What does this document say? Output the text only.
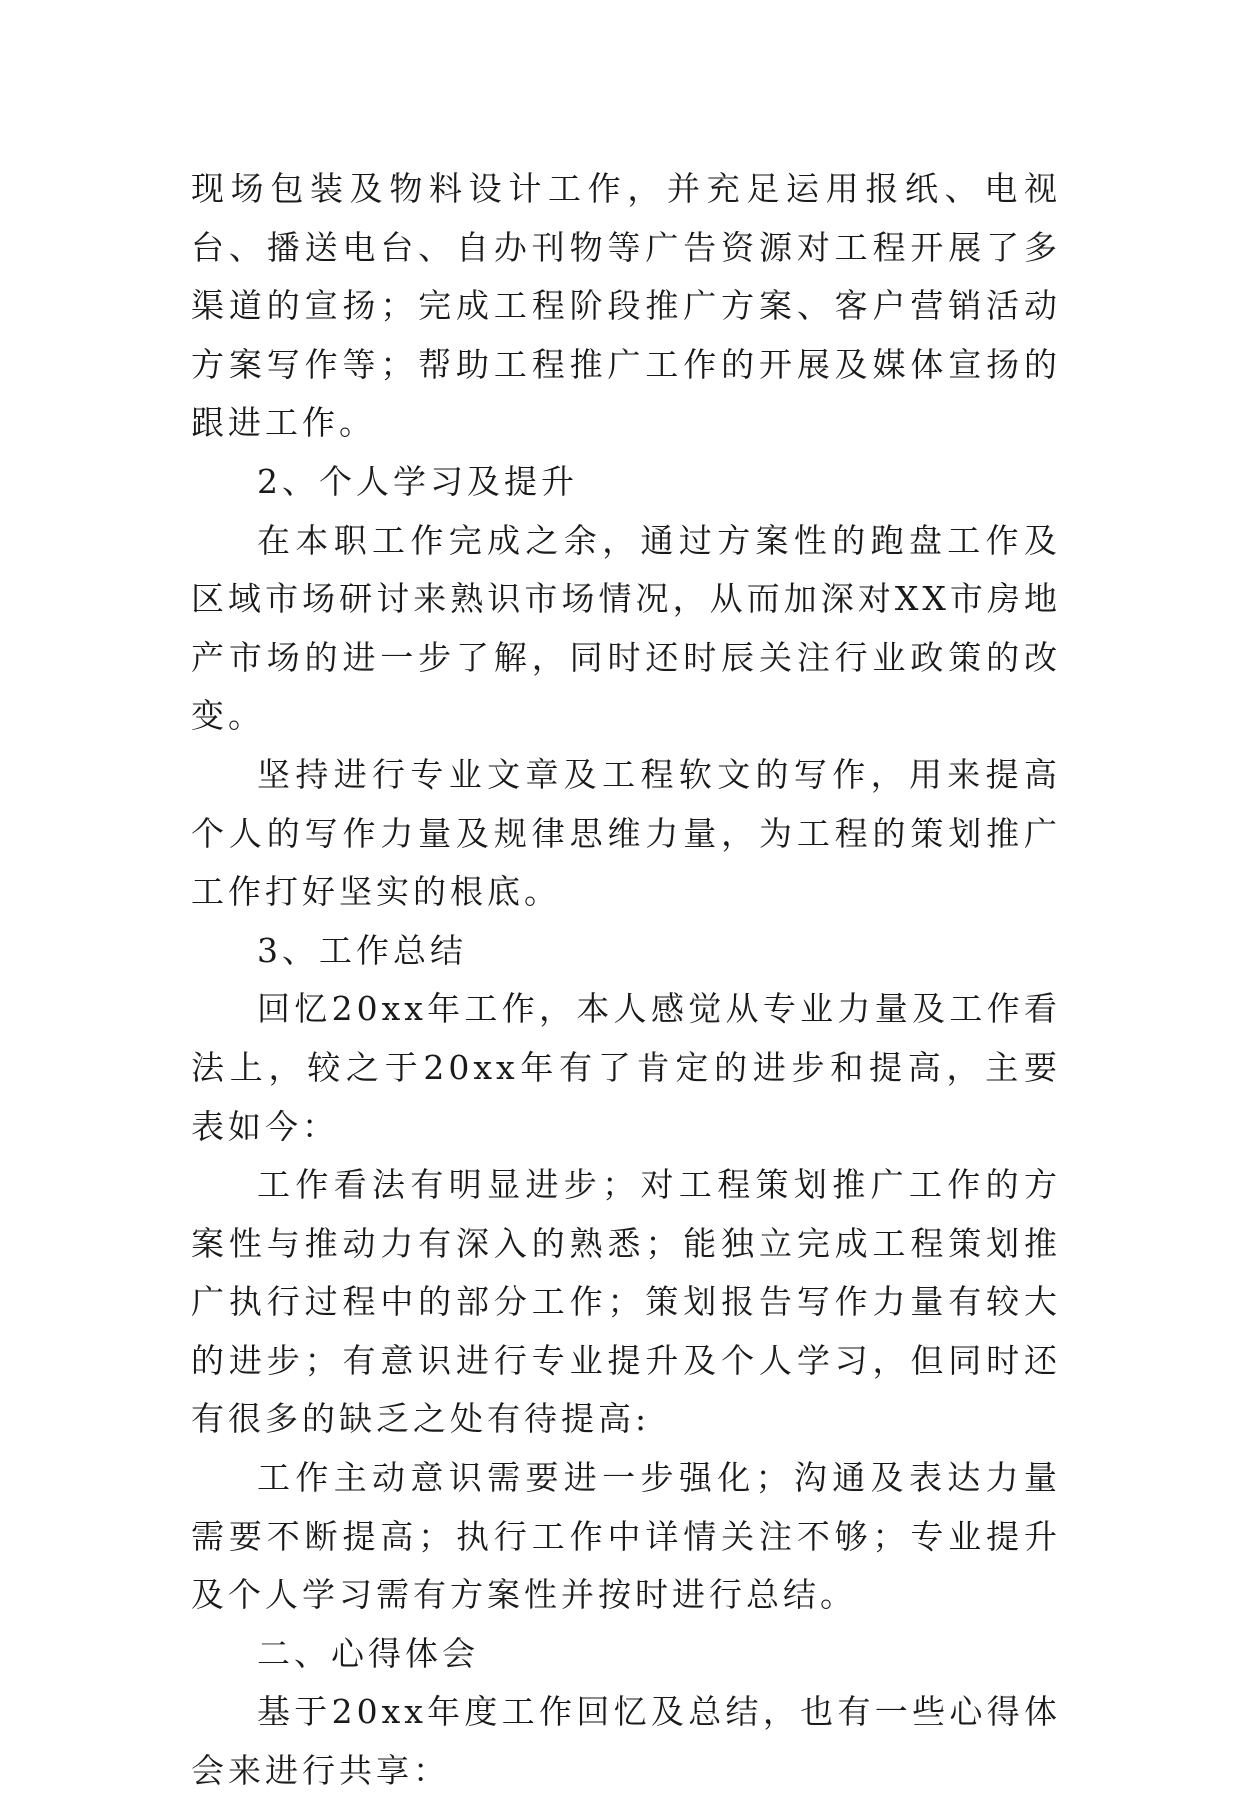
现场包装及物料设计工作，并充足运用报纸、电视台、播送电台、自办刊物等广告资源对工程开展了多渠道的宣扬；完成工程阶段推广方案、客户营销活动方案写作等；帮助工程推广工作的开展及媒体宣扬的跟进工作。

2、个人学习及提升

在本职工作完成之余，通过方案性的跑盘工作及区域市场研讨来熟识市场情况，从而加深对XX市房地产市场的进一步了解，同时还时辰关注行业政策的改变。

坚持进行专业文章及工程软文的写作，用来提高个人的写作力量及规律思维力量，为工程的策划推广工作打好坚实的根底。

3、工作总结

回忆20xx年工作，本人感觉从专业力量及工作看法上，较之于20xx年有了肯定的进步和提高，主要表如今：

工作看法有明显进步；对工程策划推广工作的方案性与推动力有深入的熟悉；能独立完成工程策划推广执行过程中的部分工作；策划报告写作力量有较大的进步；有意识进行专业提升及个人学习，但同时还有很多的缺乏之处有待提高:

工作主动意识需要进一步强化；沟通及表达力量需要不断提高；执行工作中详情关注不够；专业提升及个人学习需有方案性并按时进行总结。

二、心得体会

基于20xx年度工作回忆及总结，也有一些心得体会来进行共享：
